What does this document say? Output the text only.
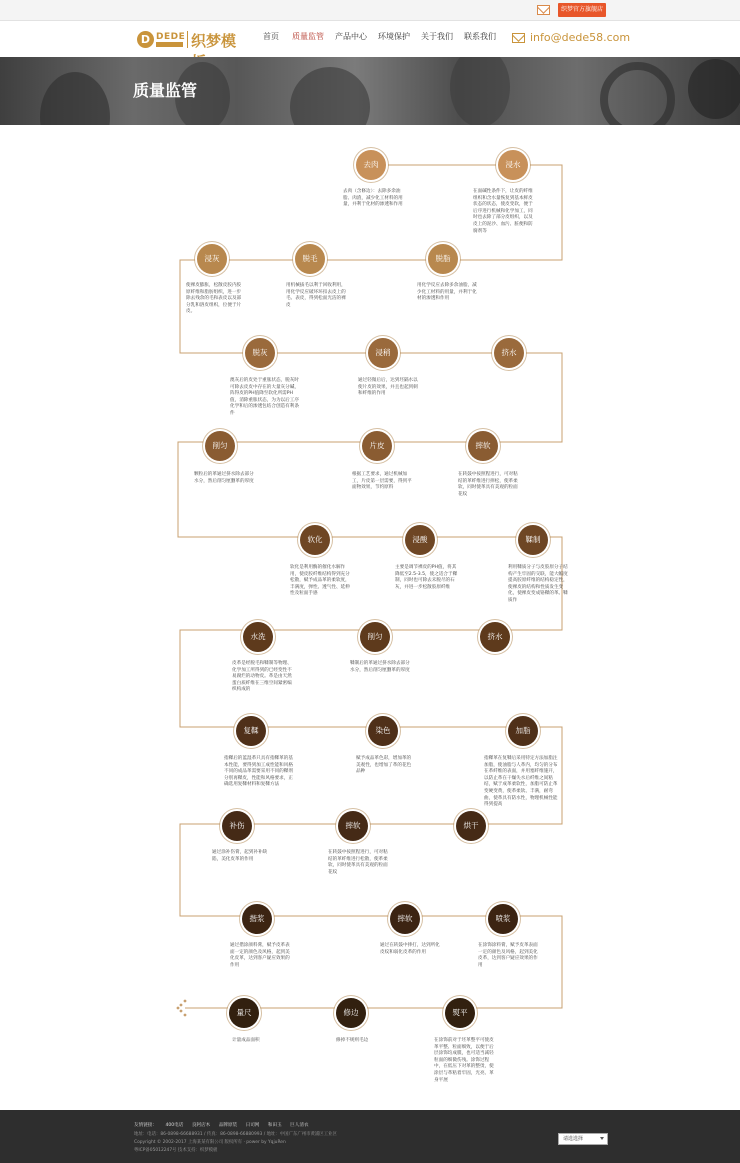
织梦官方旗舰店
D DEDE 织梦模	首页 质量监管 产品中心 环境保护 关于我们 联系我们	info@dede58.com
质量监管
去肉
去肉（含修边）：去除多余油脂、肉渣，减少化工材料的用量，并利于化材的渗透和作用
浸水
在面碱性条件下，让皮的纤维组织和含水量恢复到基本鲜皮状态的状态，使皮变软，便于后序进行机械和化学加工，同时也去除了部分皮组织，以及皮上的泥沙、血污、脏便和防腐剂等
浸灰
使裸皮膨胀，松散皮胶内胶原纤维和脂肪组织，进一步除去残余的毛和表皮以及部分乳和溶皮组织，位便于片皮。
脱毛
用机械拔毛以利于回收利用，用化学反应破坏环扣去皮上的毛、表皮，得到松面光洁的裸皮
脱脂
用化学反应去除多余油脂，减少化工材料的用量，并利于化材的渗透和作用
脱灰
澳灰后的皮处于重胀状态，脱灰时可除去皮皮中存在的大量灰分碱，阵得皮的PH值降至软化所需PH值，消除重胀状态，为为以后工序化学和后的渗透包结合创造有利条件
浸稍
通过轻微后后，达到坯隔水以使片皮的效果，并且也起到刺和纤维的作用
挤水
削匀
颗粒后的革通过挤水除去部分水分，然后削匀厘删革的厚度
片皮
根据工艺要求，通过机械加工，片皮第一层需要，得到平面物效果，节约原料
摔软
在转鼓中按照程进行，可对粘结的革纤维进行摔松，使革柔软，同时使革具有美观的粒面花纹
软化
软化是利用酶的催化水解作用，使皮胶纤维结构得到充分松散，赋予成品革的柔软度，丰满度，弹性、透气性、延伸性及粒面手感
浸酸
主要是调节裸皮的PH值，将其降低至2.5-3.5，使之适合于鞣制，同时也可除去未脱尽的石灰，并进一步松散胶原纤维
鞣制
利用鞣质分子与皮胶原分子结构产生牢固的交联，能大幅度提高胶原纤维的结构稳定性，使裸皮的结构和性质发生变化，使裸皮变成铬鞣的革。鞣质作
水洗
皮革是经脱毛和鞣制等物理、化学加工所得到的已经变性不易腐烂的动物皮。革是由天然蛋白质纤维在三维空间紧密编织构成的
削匀
鞣制后的革通过挤水除去部分水分，然后削匀厘删革的厚度
挤水
复鞣
指鞣后的蓝湿革只具有指鞣革的基本性能，要得到加工成性能和风格不同的成品革需要采用不同的鞣剂分别再鞣皮，性能和风格要求，正确选用复鞣材料和复鞣方法
染色
赋予成品革色彩，增加革的美观性，也增加了革的花色品种
加脂
指鞣革在复鞣后采用特定方法加脂注加脂，使油脂与人革内，均匀的分布在革纤维的表面，并用塞纤维施开，以防止革在干燥失水后纤维之间粘结，赋于成革柔软性，加脂可防止革变硬变黄，使革柔软、丰满，耐弯曲，使革具有防水性，物理机械性能得到提高
补伤
通过涂补伤膏，起到补补缺陷，美化皮革的作用
摔软
在转鼓中按照程进行，可对粘结的革纤维进行松散，使革柔软，同时使革具有美观的粒面花纹
烘干
揩浆
通过揩涂颜料膏，赋予皮革表面一定的颜色及风格，起到美化皮革，达到客户疑应效果的作用
摔软
通过在转鼓中摔打，达到所化皮纹和弱化皮革的作用
喷浆
在涂饰涂料膏，赋予皮革表面一定的颜色及风格，起到美化皮革，达到客户疑应效果的作用
量尺
计量成品面积
修边
修掉不规则毛边
熨平
在涂饰前对于坯革整平可使皮革平整、粒面细致，以便于后层涂饰均成膜，也可适当减轻粒面的细微伤残。涂饰过程中，在低压下对革的整烫，使涂层与革粘着牢固，光亮、革身平展
友情链接： 400电话 良阿店木 品牌原装 日司网 和田玉 巨人清衣
地址：电话：86-0898-66688931 / 传真：86-0898-66880993 / 地址：中国广东广州市黄浦区工业区
Copyright © 2002-2017 上海某某有限公司 版权所有 · power by YqjuRen
粤ICP备05012247号 技术支持：织梦模板
请选选择
